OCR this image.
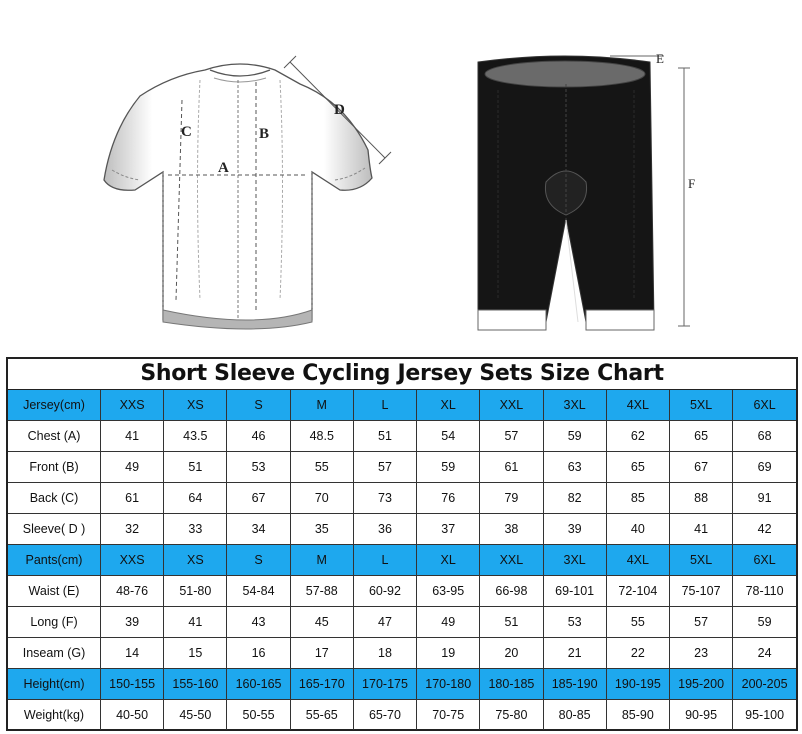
A
B
C
D
E
F
G
Short Sleeve Cycling Jersey Sets Size Chart
Jersey(cm)	XXS	XS	S	M	L	XL	XXL	3XL	4XL	5XL	6XL
Chest (A)	41	43.5	46	48.5	51	54	57	59	62	65	68
Front (B)	49	51	53	55	57	59	61	63	65	67	69
Back (C)	61	64	67	70	73	76	79	82	85	88	91
Sleeve( D )	32	33	34	35	36	37	38	39	40	41	42
Pants(cm)	XXS	XS	S	M	L	XL	XXL	3XL	4XL	5XL	6XL
Waist (E)	48-76	51-80	54-84	57-88	60-92	63-95	66-98	69-101	72-104	75-107	78-110
Long (F)	39	41	43	45	47	49	51	53	55	57	59
Inseam (G)	14	15	16	17	18	19	20	21	22	23	24
Height(cm)	150-155	155-160	160-165	165-170	170-175	170-180	180-185	185-190	190-195	195-200	200-205
Weight(kg)	40-50	45-50	50-55	55-65	65-70	70-75	75-80	80-85	85-90	90-95	95-100
